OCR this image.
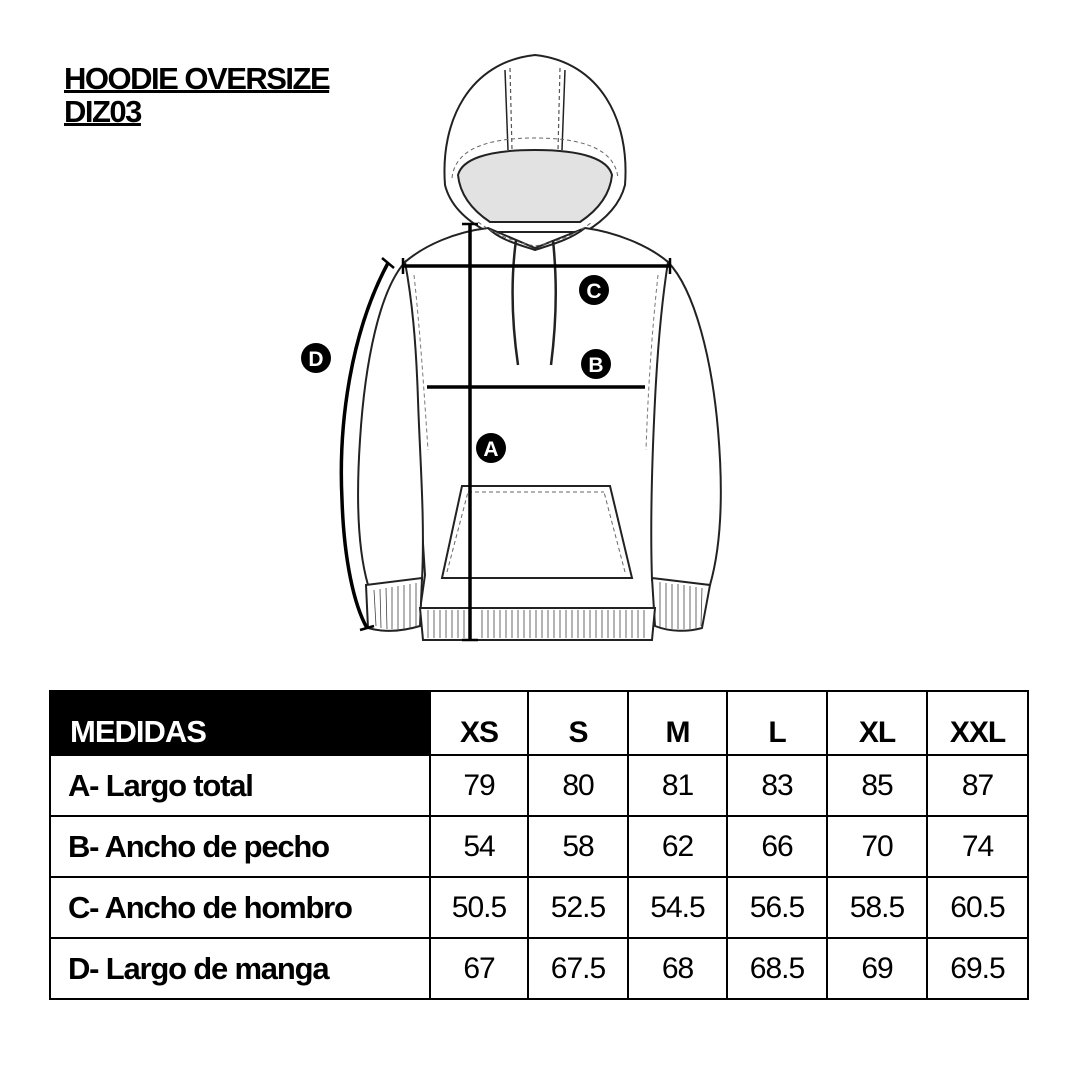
HOODIE OVERSIZE
DIZ03
A
B
C
D
MEDIDAS	XS	S	M	L	XL	XXL
A- Largo total	79	80	81	83	85	87
B- Ancho de pecho	54	58	62	66	70	74
C- Ancho de hombro	50.5	52.5	54.5	56.5	58.5	60.5
D- Largo de manga	67	67.5	68	68.5	69	69.5
